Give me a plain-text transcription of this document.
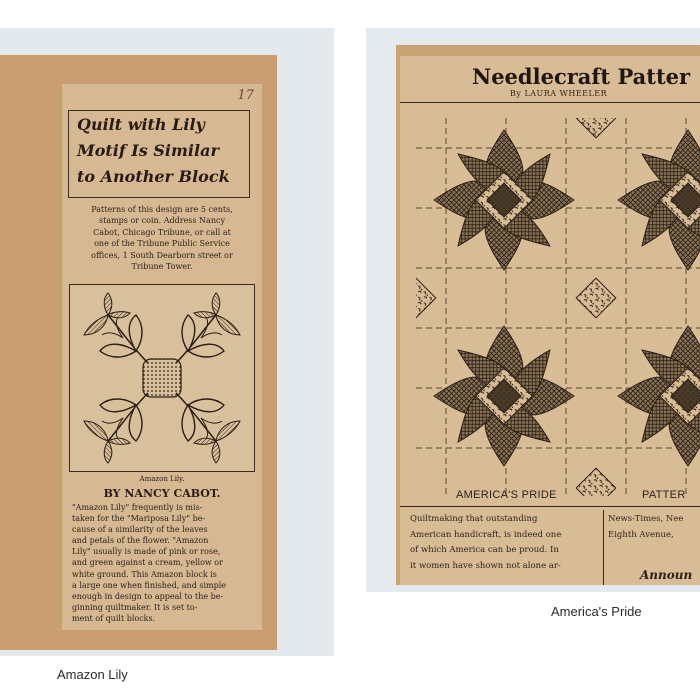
17
Quilt with Lily
Motif Is Similar
to Another Block
Patterns of this design are 5 cents,
stamps or coin. Address Nancy
Cabot, Chicago Tribune, or call at
one of the Tribune Public Service
offices, 1 South Dearborn street or
Tribune Tower.
Amazon Lily.
BY NANCY CABOT.
"Amazon Lily" frequently is mis-
taken for the "Mariposa Lily" be-
cause of a similarity of the leaves
and petals of the flower. "Amazon
Lily" usually is made of pink or rose,
and green against a cream, yellow or
white ground. This Amazon block is
a large one when finished, and simple
enough in design to appeal to the be-
ginning quiltmaker. It is set to-
ment of quilt blocks.
Needlecraft Patter
By LAURA WHEELER
AMERICA'S PRIDE	PATTER
Quiltmaking that outstanding
American handicraft, is indeed one
of which America can be proud. In
it women have shown not alone ar-
News-Times, Nee
Eighth Avenue,
Announ
Amazon Lily
America's Pride
